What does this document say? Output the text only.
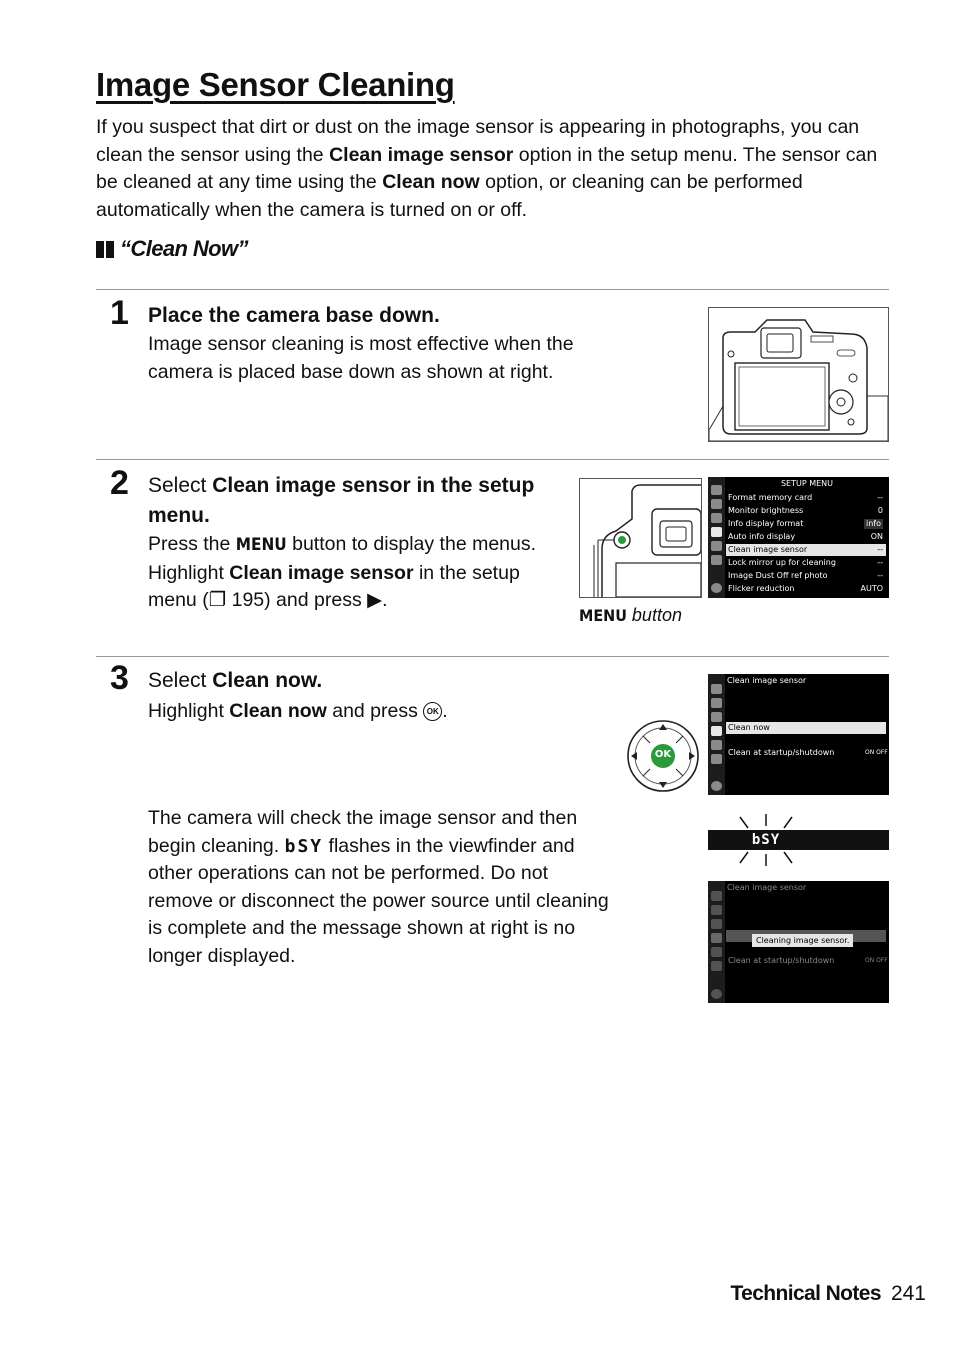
Image Sensor Cleaning
If you suspect that dirt or dust on the image sensor is appearing in photographs, you can clean the sensor using the Clean image sensor option in the setup menu. The sensor can be cleaned at any time using the Clean now option, or cleaning can be performed automatically when the camera is turned on or off.
“Clean Now”
1 Place the camera base down.
Image sensor cleaning is most effective when the camera is placed base down as shown at right.
2 Select Clean image sensor in the setup menu.
Press the MENU button to display the menus. Highlight Clean image sensor in the setup menu (❐ 195) and press ▶.
MENU button
SETUP MENU
Format memory card	--
Monitor brightness	0
Info display format	info
Auto info display	ON
Clean image sensor	--
Lock mirror up for cleaning	--
Image Dust Off ref photo	--
Flicker reduction	AUTO
3 Select Clean now.
Highlight Clean now and press OK .
The camera will check the image sensor and then begin cleaning. bSY flashes in the viewfinder and other operations can not be performed. Do not remove or disconnect the power source until cleaning is complete and the message shown at right is no longer displayed.
OK
Clean image sensor
Clean now
Clean at startup/shutdown	ON OFF
bSY
Clean image sensor
Clean at startup/shutdown	ON OFF
Cleaning image sensor.
Technical Notes 241
